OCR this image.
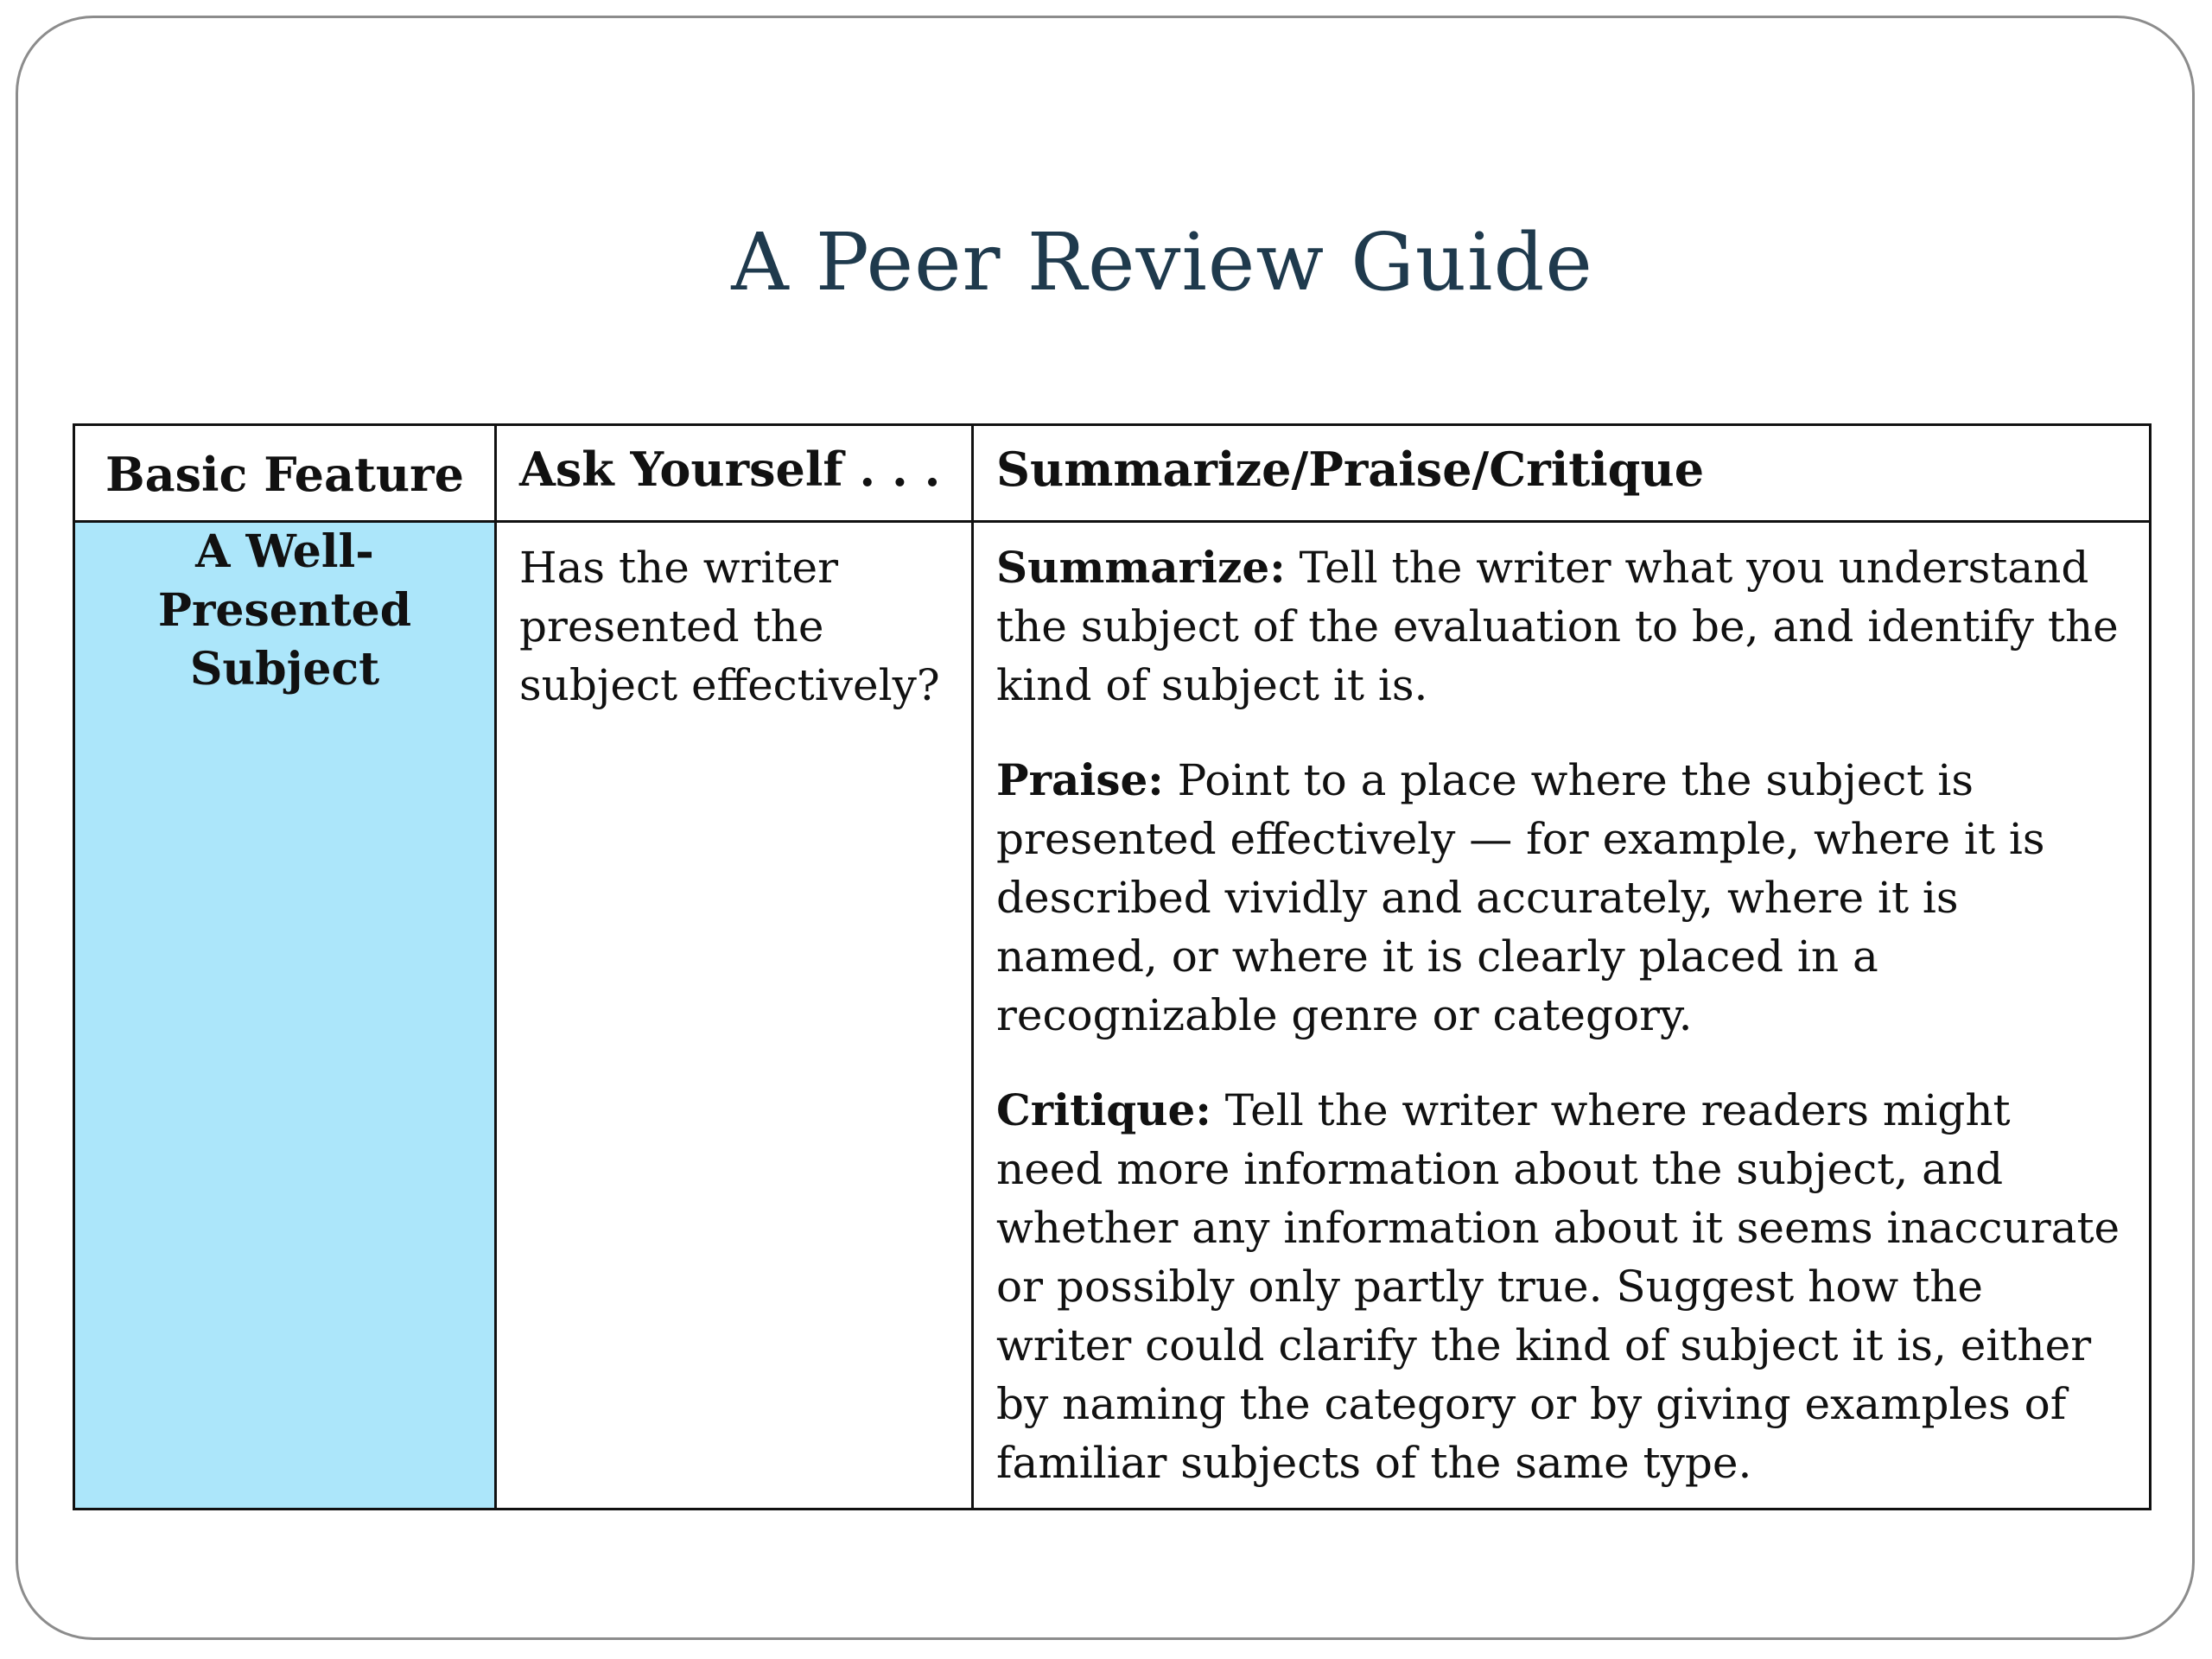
A Peer Review Guide
Basic Feature	Ask Yourself . . .	Summarize/Praise/Critique
A Well-Presented Subject	Has the writer presented the subject effectively?	Summarize: Tell the writer what you understand the subject of the evaluation to be, and identify the kind of subject it is.

Praise: Point to a place where the subject is presented effectively — for example, where it is described vividly and accurately, where it is named, or where it is clearly placed in a recognizable genre or category.

Critique: Tell the writer where readers might need more information about the subject, and whether any information about it seems inaccurate or possibly only partly true. Suggest how the writer could clarify the kind of subject it is, either by naming the category or by giving examples of familiar subjects of the same type.
